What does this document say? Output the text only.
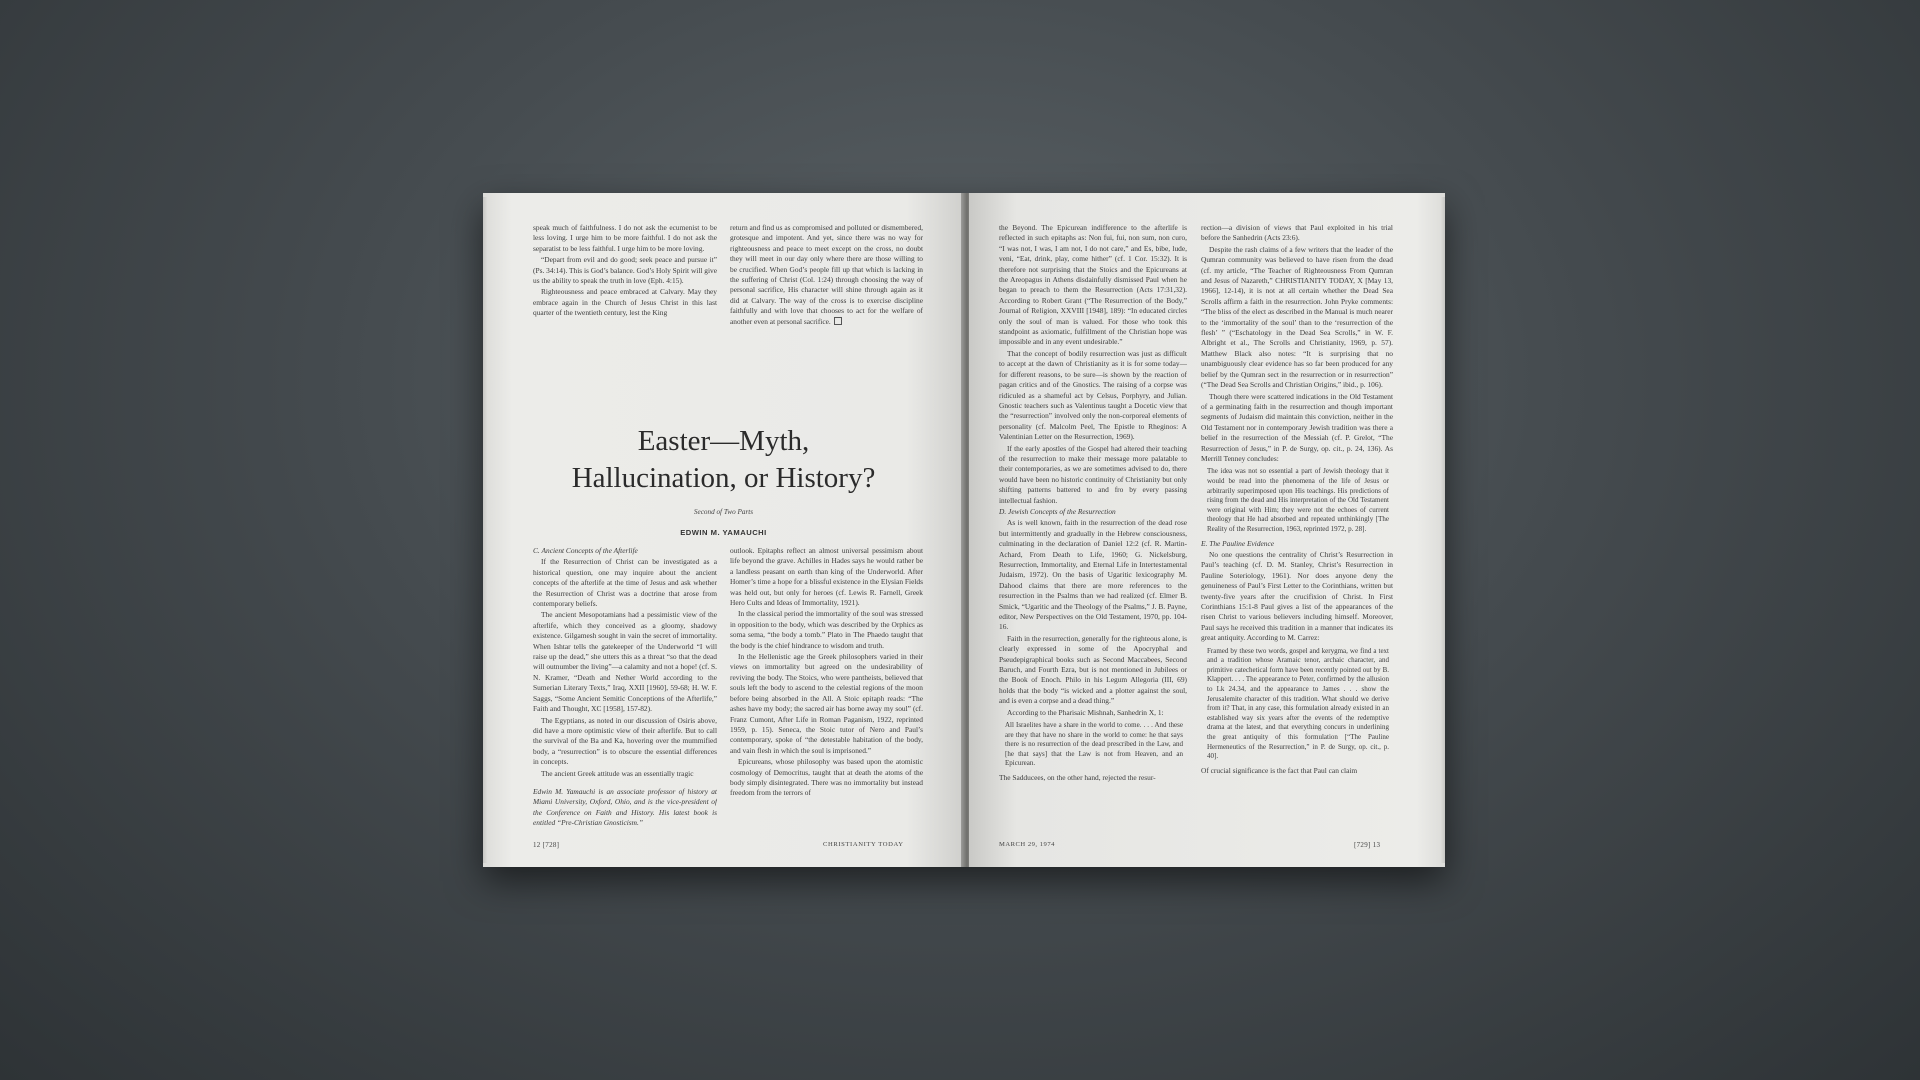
speak much of faithfulness. I do not ask the ecumenist to be less loving. I urge him to be more faithful. I do not ask the separatist to be less faithful. I urge him to be more loving.

“Depart from evil and do good; seek peace and pursue it” (Ps. 34:14). This is God’s balance. God’s Holy Spirit will give us the ability to speak the truth in love (Eph. 4:15).

Righteousness and peace embraced at Calvary. May they embrace again in the Church of Jesus Christ in this last quarter of the twentieth century, lest the King

return and find us as compromised and polluted or dismembered, grotesque and impotent. And yet, since there was no way for righteousness and peace to meet except on the cross, no doubt they will meet in our day only where there are those willing to be crucified. When God’s people fill up that which is lacking in the suffering of Christ (Col. 1:24) through choosing the way of personal sacrifice, His character will shine through again as it did at Calvary. The way of the cross is to exercise discipline faithfully and with love that chooses to act for the welfare of another even at personal sacrifice.

Easter—Myth,
Hallucination, or History?
Second of Two Parts
EDWIN M. YAMAUCHI

C. Ancient Concepts of the Afterlife

If the Resurrection of Christ can be investigated as a historical question, one may inquire about the ancient concepts of the afterlife at the time of Jesus and ask whether the Resurrection of Christ was a doctrine that arose from contemporary beliefs.

The ancient Mesopotamians had a pessimistic view of the afterlife, which they conceived as a gloomy, shadowy existence. Gilgamesh sought in vain the secret of immortality. When Ishtar tells the gatekeeper of the Underworld “I will raise up the dead,” she utters this as a threat “so that the dead will outnumber the living”—a calamity and not a hope! (cf. S. N. Kramer, “Death and Nether World according to the Sumerian Literary Texts,” Iraq, XXII [1960], 59-68; H. W. F. Saggs, “Some Ancient Semitic Conceptions of the Afterlife,” Faith and Thought, XC [1958], 157-82).

The Egyptians, as noted in our discussion of Osiris above, did have a more optimistic view of their afterlife. But to call the survival of the Ba and Ka, hovering over the mummified body, a “resurrection” is to obscure the essential differences in concepts.

The ancient Greek attitude was an essentially tragic

Edwin M. Yamauchi is an associate professor of history at Miami University, Oxford, Ohio, and is the vice-president of the Conference on Faith and History. His latest book is entitled “Pre-Christian Gnosticism.”

outlook. Epitaphs reflect an almost universal pessimism about life beyond the grave. Achilles in Hades says he would rather be a landless peasant on earth than king of the Underworld. After Homer’s time a hope for a blissful existence in the Elysian Fields was held out, but only for heroes (cf. Lewis R. Farnell, Greek Hero Cults and Ideas of Immortality, 1921).

In the classical period the immortality of the soul was stressed in opposition to the body, which was described by the Orphics as soma sema, “the body a tomb.” Plato in The Phaedo taught that the body is the chief hindrance to wisdom and truth.

In the Hellenistic age the Greek philosophers varied in their views on immortality but agreed on the undesirability of reviving the body. The Stoics, who were pantheists, believed that souls left the body to ascend to the celestial regions of the moon before being absorbed in the All. A Stoic epitaph reads: “The ashes have my body; the sacred air has borne away my soul” (cf. Franz Cumont, After Life in Roman Paganism, 1922, reprinted 1959, p. 15). Seneca, the Stoic tutor of Nero and Paul’s contemporary, spoke of “the detestable habitation of the body, and vain flesh in which the soul is imprisoned.”

Epicureans, whose philosophy was based upon the atomistic cosmology of Democritus, taught that at death the atoms of the body simply disintegrated. There was no immortality but instead freedom from the terrors of

12 [728]	CHRISTIANITY TODAY

the Beyond. The Epicurean indifference to the afterlife is reflected in such epitaphs as: Non fui, fui, non sum, non curo, “I was not, I was, I am not, I do not care,” and Es, bibe, lude, veni, “Eat, drink, play, come hither” (cf. 1 Cor. 15:32). It is therefore not surprising that the Stoics and the Epicureans at the Areopagus in Athens disdainfully dismissed Paul when he began to preach to them the Resurrection (Acts 17:31,32). According to Robert Grant (“The Resurrection of the Body,” Journal of Religion, XXVIII [1948], 189): “In educated circles only the soul of man is valued. For those who took this standpoint as axiomatic, fulfillment of the Christian hope was impossible and in any event undesirable.”

That the concept of bodily resurrection was just as difficult to accept at the dawn of Christianity as it is for some today—for different reasons, to be sure—is shown by the reaction of pagan critics and of the Gnostics. The raising of a corpse was ridiculed as a shameful act by Celsus, Porphyry, and Julian. Gnostic teachers such as Valentinus taught a Docetic view that the “resurrection” involved only the non-corporeal elements of personality (cf. Malcolm Peel, The Epistle to Rheginos: A Valentinian Letter on the Resurrection, 1969).

If the early apostles of the Gospel had altered their teaching of the resurrection to make their message more palatable to their contemporaries, as we are sometimes advised to do, there would have been no historic continuity of Christianity but only shifting patterns battered to and fro by every passing intellectual fashion.

D. Jewish Concepts of the Resurrection

As is well known, faith in the resurrection of the dead rose but intermittently and gradually in the Hebrew consciousness, culminating in the declaration of Daniel 12:2 (cf. R. Martin-Achard, From Death to Life, 1960; G. Nickelsburg, Resurrection, Immortality, and Eternal Life in Intertestamental Judaism, 1972). On the basis of Ugaritic lexicography M. Dahood claims that there are more references to the resurrection in the Psalms than we had realized (cf. Elmer B. Smick, “Ugaritic and the Theology of the Psalms,” J. B. Payne, editor, New Perspectives on the Old Testament, 1970, pp. 104-16.

Faith in the resurrection, generally for the righteous alone, is clearly expressed in some of the Apocryphal and Pseudepigraphical books such as Second Maccabees, Second Baruch, and Fourth Ezra, but is not mentioned in Jubilees or the Book of Enoch. Philo in his Legum Allegoria (III, 69) holds that the body “is wicked and a plotter against the soul, and is even a corpse and a dead thing.”

According to the Pharisaic Mishnah, Sanhedrin X, 1:

All Israelites have a share in the world to come. . . . And these are they that have no share in the world to come: he that says there is no resurrection of the dead prescribed in the Law, and [he that says] that the Law is not from Heaven, and an Epicurean.

The Sadducees, on the other hand, rejected the resur-

rection—a division of views that Paul exploited in his trial before the Sanhedrin (Acts 23:6).

Despite the rash claims of a few writers that the leader of the Qumran community was believed to have risen from the dead (cf. my article, “The Teacher of Righteousness From Qumran and Jesus of Nazareth,” CHRISTIANITY TODAY, X [May 13, 1966], 12-14), it is not at all certain whether the Dead Sea Scrolls affirm a faith in the resurrection. John Pryke comments: “The bliss of the elect as described in the Manual is much nearer to the ‘immortality of the soul’ than to the ‘resurrection of the flesh’ ” (“Eschatology in the Dead Sea Scrolls,” in W. F. Albright et al., The Scrolls and Christianity, 1969, p. 57). Matthew Black also notes: “It is surprising that no unambiguously clear evidence has so far been produced for any belief by the Qumran sect in the resurrection or in resurrection” (“The Dead Sea Scrolls and Christian Origins,” ibid., p. 106).

Though there were scattered indications in the Old Testament of a germinating faith in the resurrection and though important segments of Judaism did maintain this conviction, neither in the Old Testament nor in contemporary Jewish tradition was there a belief in the resurrection of the Messiah (cf. P. Grelot, “The Resurrection of Jesus,” in P. de Surgy, op. cit., p. 24, 136). As Merrill Tenney concludes:

The idea was not so essential a part of Jewish theology that it would be read into the phenomena of the life of Jesus or arbitrarily superimposed upon His teachings. His predictions of rising from the dead and His interpretation of the Old Testament were original with Him; they were not the echoes of current theology that He had absorbed and repeated unthinkingly [The Reality of the Resurrection, 1963, reprinted 1972, p. 28].

E. The Pauline Evidence

No one questions the centrality of Christ’s Resurrection in Paul’s teaching (cf. D. M. Stanley, Christ’s Resurrection in Pauline Soteriology, 1961). Nor does anyone deny the genuineness of Paul’s First Letter to the Corinthians, written but twenty-five years after the crucifixion of Christ. In First Corinthians 15:1-8 Paul gives a list of the appearances of the risen Christ to various believers including himself. Moreover, Paul says he received this tradition in a manner that indicates its great antiquity. According to M. Carrez:

Framed by these two words, gospel and kerygma, we find a text and a tradition whose Aramaic tenor, archaic character, and primitive catechetical form have been recently pointed out by B. Klappert. . . . The appearance to Peter, confirmed by the allusion to Lk 24.34, and the appearance to James . . . show the Jerusalemite character of this tradition. What should we derive from it? That, in any case, this formulation already existed in an established way six years after the events of the redemptive drama at the latest, and that everything concurs in underlining the great antiquity of this formulation [“The Pauline Hermeneutics of the Resurrection,” in P. de Surgy, op. cit., p. 40].

Of crucial significance is the fact that Paul can claim

MARCH 29, 1974	[729] 13
